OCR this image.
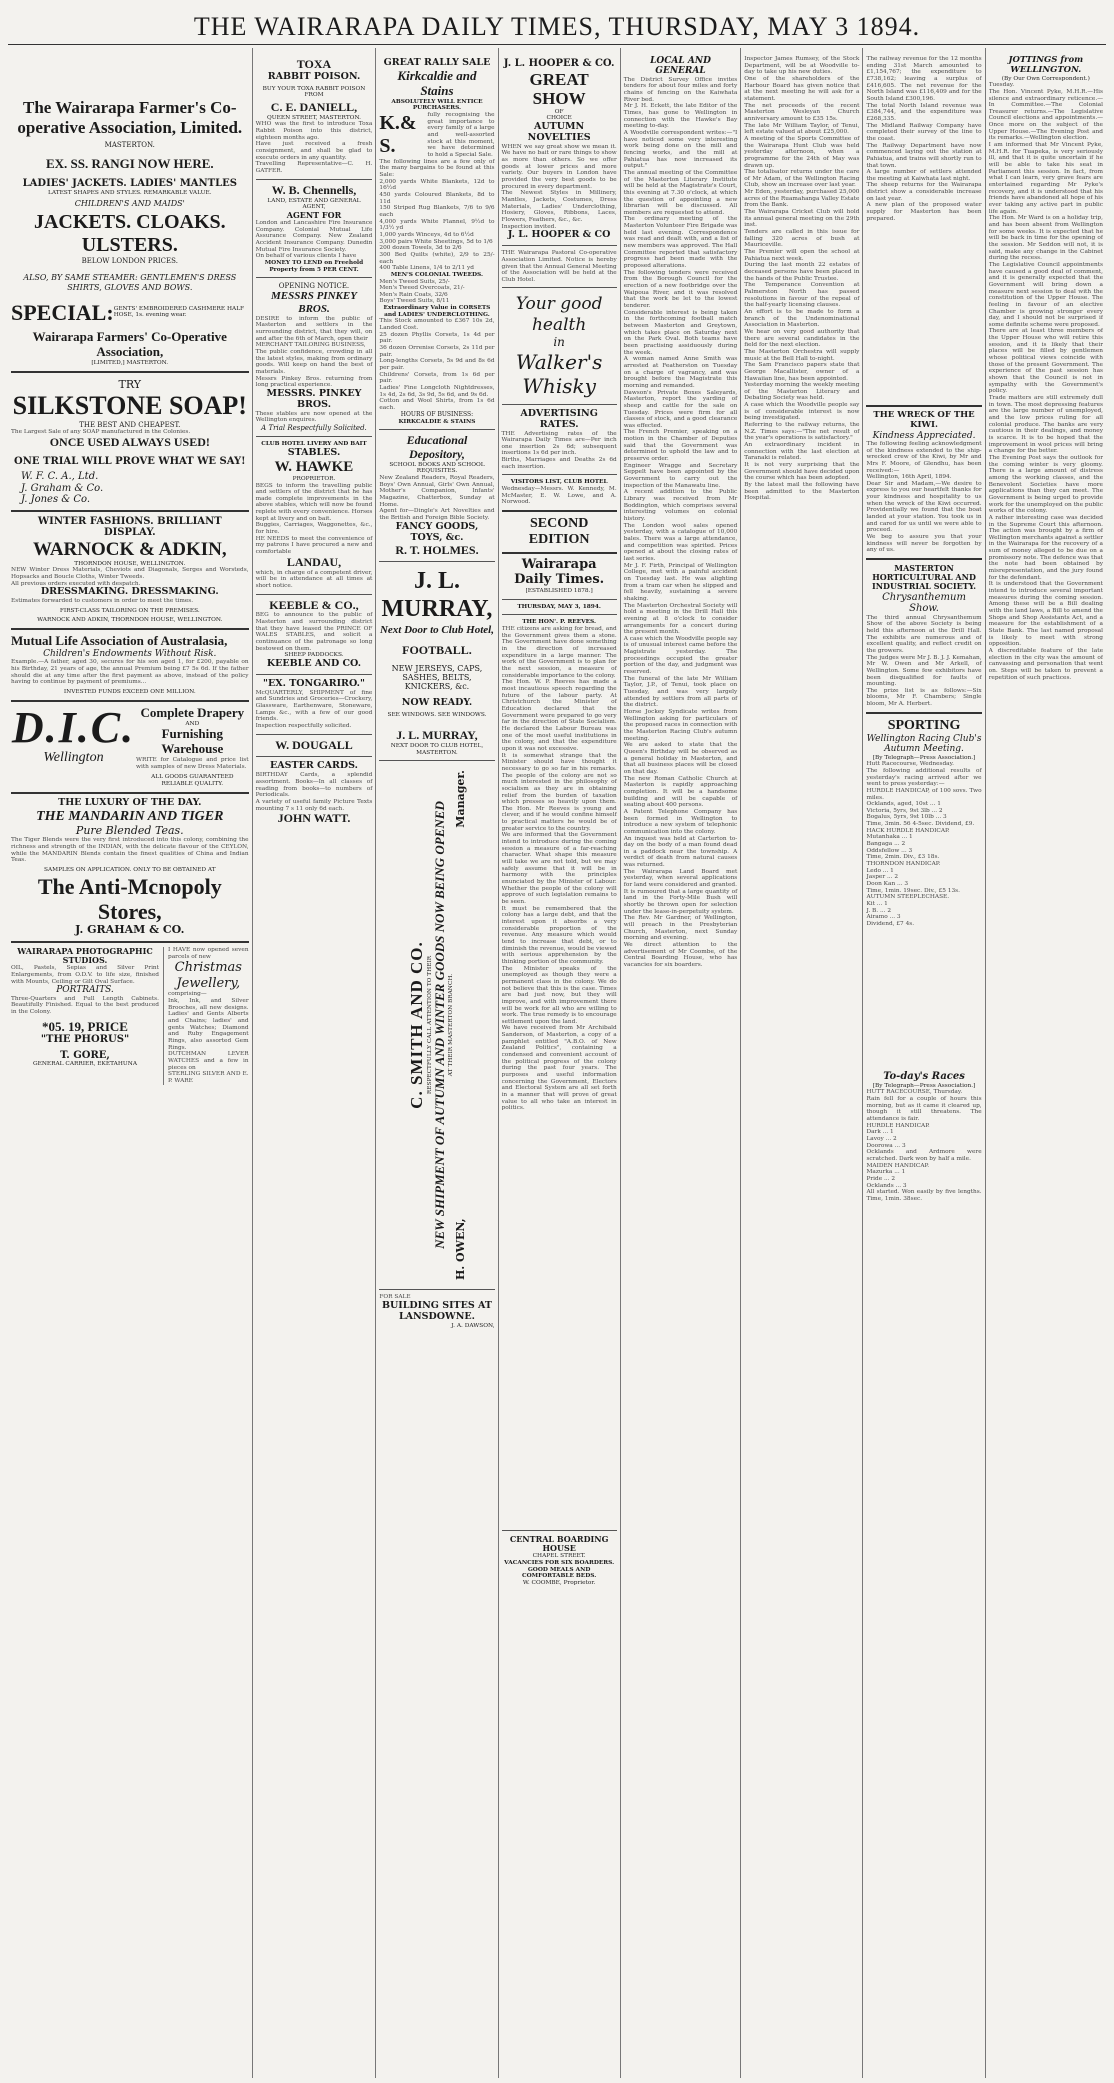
THE WAIRARAPA DAILY TIMES, THURSDAY, MAY 3 1894.
The Wairarapa Farmer's Co-operative Association, Limited.
MASTERTON.
EX. SS. RANGI NOW HERE.
LADIES' JACKETS. LADIES' MANTLES
LATEST SHAPES AND STYLES. REMARKABLE VALUE.
CHILDREN'S AND MAIDS'
JACKETS. CLOAKS. ULSTERS.
BELOW LONDON PRICES.
ALSO, BY SAME STEAMER: GENTLEMEN'S DRESS SHIRTS, GLOVES AND BOWS.
SPECIAL: GENTS' EMBROIDERED CASHMERE HALF HOSE, 1s. evening wear.
Wairarapa Farmers' Co-Operative Association,
[LIMITED,] MASTERTON.
TRY
SILKSTONE SOAP!
THE BEST AND CHEAPEST.
The Largest Sale of any SOAP manufactured in the Colonies.
ONCE USED ALWAYS USED!
ONE TRIAL WILL PROVE WHAT WE SAY!
W. F. C. A., Ltd.
J. Graham & Co.
J. Jones & Co.
WINTER FASHIONS. BRILLIANT DISPLAY.
WARNOCK & ADKIN,
THORNDON HOUSE, WELLINGTON.
NEW Winter Dress Materials, Cheviots and Diagonals, Serges and Worsteds, Hopsacks and Boucle Cloths, Winter Tweeds.
All previous orders executed with despatch.
DRESSMAKING. DRESSMAKING.
Estimates forwarded to customers in order to meet the times.
FIRST-CLASS TAILORING ON THE PREMISES.
WARNOCK AND ADKIN, THORNDON HOUSE, WELLINGTON.
Mutual Life Association of Australasia,
Children's Endowments Without Risk.
Example.—A father, aged 30, secures for his son aged 1, for £200, payable on his Birthday, 21 years of age, the annual Premium being £7 5s 6d. If the father should die at any time after the first payment as above, instead of the policy having to continue by payment of premiums...
INVESTED FUNDS EXCEED ONE MILLION.
D.I.C.
Wellington
Complete Drapery
AND
Furnishing Warehouse
WRITE for Catalogue and price list with samples of new Dress Materials.
ALL GOODS GUARANTEED RELIABLE QUALITY.
THE LUXURY OF THE DAY.
THE MANDARIN AND TIGER
Pure Blended Teas.
The Tiger Blends were the very first introduced into this colony, combining the richness and strength of the INDIAN, with the delicate flavour of the CEYLON, while the MANDARIN Blends contain the finest qualities of China and Indian Teas.
SAMPLES ON APPLICATION. ONLY TO BE OBTAINED AT
The Anti-Mcnopoly Stores,
J. GRAHAM & CO.
WAIRARAPA PHOTOGRAPHIC STUDIOS.
OIL, Pastels, Sepias and Silver Print Enlargements, from O.D.V. to life size, finished with Mounts, Ceiling or Gilt Oval Surface.
PORTRAITS.
Three-Quarters and Full Length Cabinets. Beautifully Finished. Equal to the best produced in the Colony.
*05. 19, PRICE
"THE PHORUS"
T. GORE,
GENERAL CARRIER, EKETAHUNA
I HAVE now opened seven parcels of new
Christmas Jewellery,
comprising—
Ink, Ink, and Silver Brooches, all new designs. Ladies' and Gents Alberts and Chains; ladies' and gents Watches; Diamond and Ruby Engagement Rings, also assorted Gem Rings.
DUTCHMAN LEVER WATCHES and a few in pieces on
STERLING SILVER AND E. P. WARE
TOXA
RABBIT POISON.
BUY YOUR TOXA RABBIT POISON FROM
C. E. DANIELL,
QUEEN STREET, MASTERTON.
WHO was the first to introduce Toxa Rabbit Poison into this district, eighteen months ago.
Have just received a fresh consignment, and shall be glad to execute orders in any quantity.
Travelling Representative—C. H. GATFER.
W. B. Chennells,
LAND, ESTATE AND GENERAL AGENT,
AGENT FOR
London and Lancashire Fire Insurance Company. Colonial Mutual Life Assurance Company. New Zealand Accident Insurance Company. Dunedin Mutual Fire Insurance Society.
On behalf of various clients I have
MONEY TO LEND on Freehold Property from 5 PER CENT.
OPENING NOTICE.
MESSRS PINKEY BROS.
DESIRE to inform the public of Masterton and settlers in the surrounding district, that they will, on and after the 6th of March, open their
MERCHANT TAILORING BUSINESS,
The public confidence, crowding in all the latest styles, making from ordinary goods. Will keep on hand the best of materials.
Messrs Pinkey Bros. returning from long practical experience.
MESSRS. PINKEY BROS.
These stables are now opened at the Wellington enquires.
A Trial Respectfully Solicited.
CLUB HOTEL LIVERY AND BAIT
STABLES.
W. HAWKE
PROPRIETOR.
BEGS to inform the travelling public and settlers of the district that he has made complete improvements in the above stables, which will now be found replete with every convenience. Horses kept at livery and on bait.
Buggies, Carriages, Waggonettes, &c., for hire.
HE NEEDS to meet the convenience of my patrons I have procured a new and comfortable
LANDAU,
which, in charge of a competent driver, will be in attendance at all times at short notice.
KEEBLE & CO.,
BEG to announce to the public of Masterton and surrounding district that they have leased the PRINCE OF WALES STABLES, and solicit a continuance of the patronage so long bestowed on them.
SHEEP PADDOCKS.
KEEBLE AND CO.
"EX. TONGARIRO."
McQUARTERLY, SHIPMENT of fine and Sundries and Groceries—Crockery, Glassware, Earthenware, Stoneware, Lamps &c., with a few of our good friends.
Inspection respectfully solicited.
W. DOUGALL
EASTER CARDS.
BIRTHDAY Cards, a splendid assortment. Books—In all classes of reading from books—to numbers of Periodicals.
A variety of useful family Picture Texts mounting 7 s 11 only 6d each.
JOHN WATT.
GREAT RALLY SALE
Kirkcaldie and Stains
ABSOLUTELY WILL ENTICE PURCHASERS.
K.& S.
fully recognising the great importance to every family of a large and well-assorted stock at this moment, we have determined to hold a Special Sale.
The following lines are a few only of the many bargains to be found at this Sale:
2,000 yards White Blankets, 12d to 16½d
450 yards Coloured Blankets, 8d to 11d
150 Striped Rug Blankets, 7/6 to 9/6 each
4,000 yards White Flannel, 9½d to 1/3½ yd
1,000 yards Winceys, 4d to 6½d
3,000 pairs White Sheetings, 5d to 1/6
200 dozen Towels, 3d to 2/6
300 Bed Quilts (white), 2/9 to 25/- each
400 Table Linens, 1/4 to 2/11 yd
MEN'S COLONIAL TWEEDS.
Men's Tweed Suits, 25/-
Men's Tweed Overcoats, 21/-
Men's Rain Coats, 32/6
Boys' Tweed Suits, 8/11
Extraordinary Value in CORSETS and LADIES' UNDERCLOTHING.
This Stock amounted to £367 10s 2d, Landed Cost.
25 dozen Phyllis Corsets, 1s 4d per pair.
36 dozen Orrenise Corsets, 2s 11d per pair.
Long-lengths Corsets, 5s 9d and 8s 6d per pair.
Childrens' Corsets, from 1s 6d per pair.
Ladies' Fine Longcloth Nightdresses, 1s 4d, 2s 6d, 3s 9d, 5s 6d, and 9s 6d.
Cotton and Wool Shirts, from 1s 6d each.
HOURS OF BUSINESS:
KIRKCALDIE & STAINS
Educational Depository,
SCHOOL BOOKS AND SCHOOL REQUISITES.
New Zealand Readers, Royal Readers, Boys' Own Annual, Girls' Own Annual, Mother's Companion, Infants' Magazine, Chatterbox, Sunday at Home.
Agent for—Dingle's Art Novelties and the British and Foreign Bible Society.
FANCY GOODS, TOYS, &c.
R. T. HOLMES.
J. L. MURRAY,
Next Door to Club Hotel,
FOOTBALL.
NEW JERSEYS, CAPS, SASHES, BELTS, KNICKERS, &c.
NOW READY.
SEE WINDOWS. SEE WINDOWS.
J. L. MURRAY,
NEXT DOOR TO CLUB HOTEL,
MASTERTON.
C. SMITH AND CO. RESPECTFULLY CALL ATTENTION TO THEIR NEW SHIPMENT OF AUTUMN AND WINTER GOODS NOW BEING OPENED AT THEIR MASTERTON BRANCH.
H. OWEN,
Manager.
FOR SALE
BUILDING SITES AT LANSDOWNE.
J. A. DAWSON,
J. L. HOOPER & CO.
GREAT SHOW
OF
CHOICE
AUTUMN NOVELTIES
WHEN we say great show we mean it. We have no bait or rare things to show as more than others. So we offer goods at lower prices and more variety. Our buyers in London have provided the very best goods to be procured in every department.
The Newest Styles in Millinery, Mantles, Jackets, Costumes, Dress Materials, Ladies' Underclothing, Hosiery, Gloves, Ribbons, Laces, Flowers, Feathers, &c., &c.
Inspection invited.
J. L. HOOPER & CO
THE Wairarapa Pastoral Co-operative Association Limited. Notice is hereby given that the Annual General Meeting of the Association will be held at the Club Hotel.
Your good health
in
Walker's Whisky
ADVERTISING RATES.
THE Advertising rates of the Wairarapa Daily Times are—Per inch one insertion 2s 6d; subsequent insertions 1s 6d per inch.
Births, Marriages and Deaths 2s 6d each insertion.
VISITORS LIST, CLUB HOTEL
Wednesday—Messrs. W. Kennedy, M. McMaster, E. W. Lowe, and A. Norwood.
SECOND EDITION
Wairarapa Daily Times.
[ESTABLISHED 1878.]
THURSDAY, MAY 3, 1894.
THE HON'. P. REEVES.
THE citizens are asking for bread, and the Government gives them a stone. The Government have done something in the direction of increased expenditure in a large manner. The work of the Government is to plan for the next session, a measure of considerable importance to the colony.
The Hon. W. P. Reeves has made a most incautious speech regarding the future of the labour party. At Christchurch the Minister of Education declared that the Government were prepared to go very far in the direction of State Socialism. He declared the Labour Bureau was one of the most useful institutions in the colony, and that the expenditure upon it was not excessive.
It is somewhat strange that the Minister should have thought it necessary to go so far in his remarks. The people of the colony are not so much interested in the philosophy of socialism as they are in obtaining relief from the burden of taxation which presses so heavily upon them. The Hon. Mr Reeves is young and clever, and if he would confine himself to practical matters he would be of greater service to the country.
We are informed that the Government intend to introduce during the coming session a measure of a far-reaching character. What shape this measure will take we are not told, but we may safely assume that it will be in harmony with the principles enunciated by the Minister of Labour. Whether the people of the colony will approve of such legislation remains to be seen.
It must be remembered that the colony has a large debt, and that the interest upon it absorbs a very considerable proportion of the revenue. Any measure which would tend to increase that debt, or to diminish the revenue, would be viewed with serious apprehension by the thinking portion of the community.
The Minister speaks of the unemployed as though they were a permanent class in the colony. We do not believe that this is the case. Times are bad just now, but they will improve, and with improvement there will be work for all who are willing to work. The true remedy is to encourage settlement upon the land.
We have received from Mr Archibald Sanderson, of Masterton, a copy of a pamphlet entitled "A.B.O. of New Zealand Politics", containing a condensed and convenient account of the political progress of the colony during the past four years. The purposes and useful information concerning the Government, Electors and Electoral System are all set forth in a manner that will prove of great value to all who take an interest in politics.
CENTRAL BOARDING HOUSE
CHAPEL STREET.
VACANCIES FOR SIX BOARDERS.
GOOD MEALS AND COMFORTABLE BEDS.
W. COOMBE, Proprietor.
LOCAL AND GENERAL
The District Survey Office invites tenders for about four miles and forty chains of fencing on the Kaiwhata River bed.
Mr J. H. Eckett, the late Editor of the Times, has gone to Wellington in connection with the Hawke's Bay meeting to-day.
A Woodville correspondent writes:—"I have noticed some very interesting work being done on the mill and fencing works, and the mill at Pahiatua has now increased its output."
The annual meeting of the Committee of the Masterton Literary Institute will be held at the Magistrate's Court, this evening at 7.30 o'clock, at which the question of appointing a new librarian will be discussed. All members are requested to attend.
The ordinary meeting of the Masterton Volunteer Fire Brigade was held last evening. Correspondence was read and dealt with, and a list of new members was approved. The Hall Committee reported that satisfactory progress had been made with the proposed alterations.
The following tenders were received from the Borough Council for the erection of a new footbridge over the Waipoua River, and it was resolved that the work be let to the lowest tenderer.
Considerable interest is being taken in the forthcoming football match between Masterton and Greytown, which takes place on Saturday next on the Park Oval. Both teams have been practising assiduously during the week.
A woman named Anne Smith was arrested at Featherston on Tuesday on a charge of vagrancy, and was brought before the Magistrate this morning and remanded.
Dawson's Private Boxes Saleyards, Masterton, report the yarding of sheep and cattle for the sale on Tuesday. Prices were firm for all classes of stock, and a good clearance was effected.
The French Premier, speaking on a motion in the Chamber of Deputies said that the Government was determined to uphold the law and to preserve order.
Engineer Wragge and Secretary Seppelt have been appointed by the Government to carry out the inspection of the Manawatu line.
A recent addition to the Public Library was received from Mr Boddington, which comprises several interesting volumes on colonial history.
The London wool sales opened yesterday, with a catalogue of 10,000 bales. There was a large attendance, and competition was spirited. Prices opened at about the closing rates of last series.
Mr J. F. Firth, Principal of Wellington College, met with a painful accident on Tuesday last. He was alighting from a tram car when he slipped and fell heavily, sustaining a severe shaking.
The Masterton Orchestral Society will hold a meeting in the Drill Hall this evening at 8 o'clock to consider arrangements for a concert during the present month.
A case which the Woodville people say is of unusual interest came before the Magistrate yesterday. The proceedings occupied the greater portion of the day, and judgment was reserved.
The funeral of the late Mr William Taylor, J.P., of Tenui, took place on Tuesday, and was very largely attended by settlers from all parts of the district.
Horse Jockey Syndicate writes from Wellington asking for particulars of the proposed races in connection with the Masterton Racing Club's autumn meeting.
We are asked to state that the Queen's Birthday will be observed as a general holiday in Masterton, and that all business places will be closed on that day.
The new Roman Catholic Church at Masterton is rapidly approaching completion. It will be a handsome building and will be capable of seating about 400 persons.
A Patent Telephone Company has been formed in Wellington to introduce a new system of telephonic communication into the colony.
An inquest was held at Carterton to-day on the body of a man found dead in a paddock near the township. A verdict of death from natural causes was returned.
The Wairarapa Land Board met yesterday, when several applications for land were considered and granted.
It is rumoured that a large quantity of land in the Forty-Mile Bush will shortly be thrown open for selection under the lease-in-perpetuity system.
The Rev. Mr Gardner, of Wellington, will preach in the Presbyterian Church, Masterton, next Sunday morning and evening.
We direct attention to the advertisement of Mr Coombe, of the Central Boarding House, who has vacancies for six boarders.
Inspector James Rumsey, of the Stock Department, will be at Woodville to-day to take up his new duties.
One of the shareholders of the Harbour Board has given notice that at the next meeting he will ask for a statement.
The net proceeds of the recent Masterton Wesleyan Church anniversary amount to £35 15s.
The late Mr William Taylor, of Tenui, left estate valued at about £25,000.
A meeting of the Sports Committee of the Wairarapa Hunt Club was held yesterday afternoon, when a programme for the 24th of May was drawn up.
The totalisator returns under the care of Mr Adam, of the Wellington Racing Club, show an increase over last year.
Mr Eden, yesterday, purchased 25,000 acres of the Ruamahanga Valley Estate from the Bank.
The Wairarapa Cricket Club will hold its annual general meeting on the 29th inst.
Tenders are called in this issue for falling 320 acres of bush at Mauriceville.
The Premier will open the school at Pahiatua next week.
During the last month 22 estates of deceased persons have been placed in the hands of the Public Trustee.
The Temperance Convention at Palmerston North has passed resolutions in favour of the repeal of the half-yearly licensing clauses.
An effort is to be made to form a branch of the Undenominational Association in Masterton.
We hear on very good authority that there are several candidates in the field for the next election.
The Masterton Orchestra will supply music at the Bell Hall to-night.
The Sam Francisco papers state that George Macallister, owner of a Hawaiian line, has been appointed.
Yesterday morning the weekly meeting of the Masterton Literary and Debating Society was held.
A case which the Woodville people say is of considerable interest is now being investigated.
Referring to the railway returns, the N.Z. Times says:—"The net result of the year's operations is satisfactory."
An extraordinary incident in connection with the last election at Taranaki is related.
It is not very surprising that the Government should have decided upon the course which has been adopted.
By the latest mail the following have been admitted to the Masterton Hospital.
The railway revenue for the 12 months ending 31st March amounted to £1,154,767; the expenditure to £738,162; leaving a surplus of £416,605. The net revenue for the North Island was £116,409 and for the South Island £300,196.
The total North Island revenue was £384,744, and the expenditure was £268,335.
The Midland Railway Company have completed their survey of the line to the coast.
The Railway Department have now commenced laying out the station at Pahiatua, and trains will shortly run to that town.
A large number of settlers attended the meeting at Kaiwhata last night.
The sheep returns for the Wairarapa district show a considerable increase on last year.
A new plan of the proposed water supply for Masterton has been prepared.
THE WRECK OF THE KIWI.
Kindness Appreciated.
The following feeling acknowledgment of the kindness extended to the ship-wrecked crew of the Kiwi, by Mr and Mrs F. Moore, of Glendhu, has been received:—
Wellington, 16th April, 1894.
Dear Sir and Madam,—We desire to express to you our heartfelt thanks for your kindness and hospitality to us when the wreck of the Kiwi occurred. Providentially we found that the boat landed at your station. You took us in and cared for us until we were able to proceed.
We beg to assure you that your kindness will never be forgotten by any of us.
MASTERTON HORTICULTURAL AND INDUSTRIAL SOCIETY.
Chrysanthemum Show.
The third annual Chrysanthemum Show of the above Society is being held this afternoon at the Drill Hall. The exhibits are numerous and of excellent quality, and reflect credit on the growers.
The judges were Mr J. B. J. J. Kemahan, Mr W. Owen and Mr Arkell, of Wellington. Some few exhibitors have been disqualified for faults of mounting.
The prize list is as follows:—Six blooms, Mr F. Chambers; Single bloom, Mr A. Herbert.
SPORTING
Wellington Racing Club's Autumn Meeting.
[By Telegraph—Press Association.]
Hutt Racecourse, Wednesday.
The following additional results of yesterday's racing arrived after we went to press yesterday:—
HURDLE HANDICAP, of 100 sovs. Two miles.
Ocklands, aged, 10st ... 1
Victoria, 5yrs, 9st 3lb ... 2
Bogalus, 5yrs, 9st 10lb ... 3
Time, 3min. 56 4-5sec. Dividend, £9.
HACK HURDLE HANDICAP.
Mutanhaka ... 1
Bangaga ... 2
Oddsfellow ... 3
Time, 2min. Div., £3 18s.
THORNDON HANDICAP.
Ledo ... 1
Jasper ... 2
Doon Kan ... 3
Time, 1min. 19sec. Div., £5 13s.
AUTUMN STEEPLECHASE.
Kit ... 1
J. B. ... 2
Airamo ... 3
Dividend, £7 4s.
To-day's Races
[By Telegraph—Press Association.]
HUTT RACECOURSE, Thursday.
Rain fell for a couple of hours this morning, but as it came it cleared up, though it still threatens. The attendance is fair.
HURDLE HANDICAP.
Dark ... 1
Lavoy ... 2
Doorowa ... 3
Ocklands and Ardmore were scratched. Dark won by half a mile.
MAIDEN HANDICAP.
Mazurka ... 1
Pride ... 2
Ocklands ... 3
All started. Won easily by five lengths. Time, 1min. 38sec.
JOTTINGS from WELLINGTON.
(By Our Own Correspondent.)
Tuesday.
The Hon. Vincent Pyke, M.H.R.—His silence and extraordinary reticence.—In Committee.—The Colonial Treasurer returns.—The Legislative Council elections and appointments.—Once more on the subject of the Upper House.—The Evening Post and its remarks.—Wellington election.
I am informed that Mr Vincent Pyke, M.H.R. for Tuapeka, is very seriously ill, and that it is quite uncertain if he will be able to take his seat in Parliament this session. In fact, from what I can learn, very grave fears are entertained regarding Mr Pyke's recovery, and it is understood that his friends have abandoned all hope of his ever taking any active part in public life again.
The Hon. Mr Ward is on a holiday trip, and has been absent from Wellington for some weeks. It is expected that he will be back in time for the opening of the session. Mr Seddon will not, it is said, make any change in the Cabinet during the recess.
The Legislative Council appointments have caused a good deal of comment, and it is generally expected that the Government will bring down a measure next session to deal with the constitution of the Upper House. The feeling in favour of an elective Chamber is growing stronger every day, and I should not be surprised if some definite scheme were proposed.
There are at least three members of the Upper House who will retire this session, and it is likely that their places will be filled by gentlemen whose political views coincide with those of the present Government. The experience of the past session has shown that the Council is not in sympathy with the Government's policy.
Trade matters are still extremely dull in town. The most depressing features are the large number of unemployed, and the low prices ruling for all colonial produce. The banks are very cautious in their dealings, and money is scarce. It is to be hoped that the improvement in wool prices will bring a change for the better.
The Evening Post says the outlook for the coming winter is very gloomy. There is a large amount of distress among the working classes, and the Benevolent Societies have more applications than they can meet. The Government is being urged to provide work for the unemployed on the public works of the colony.
A rather interesting case was decided in the Supreme Court this afternoon. The action was brought by a firm of Wellington merchants against a settler in the Wairarapa for the recovery of a sum of money alleged to be due on a promissory note. The defence was that the note had been obtained by misrepresentation, and the jury found for the defendant.
It is understood that the Government intend to introduce several important measures during the coming session. Among these will be a Bill dealing with the land laws, a Bill to amend the Shops and Shop Assistants Act, and a measure for the establishment of a State Bank. The last named proposal is likely to meet with strong opposition.
A discreditable feature of the late election in the city was the amount of canvassing and personation that went on. Steps will be taken to prevent a repetition of such practices.
